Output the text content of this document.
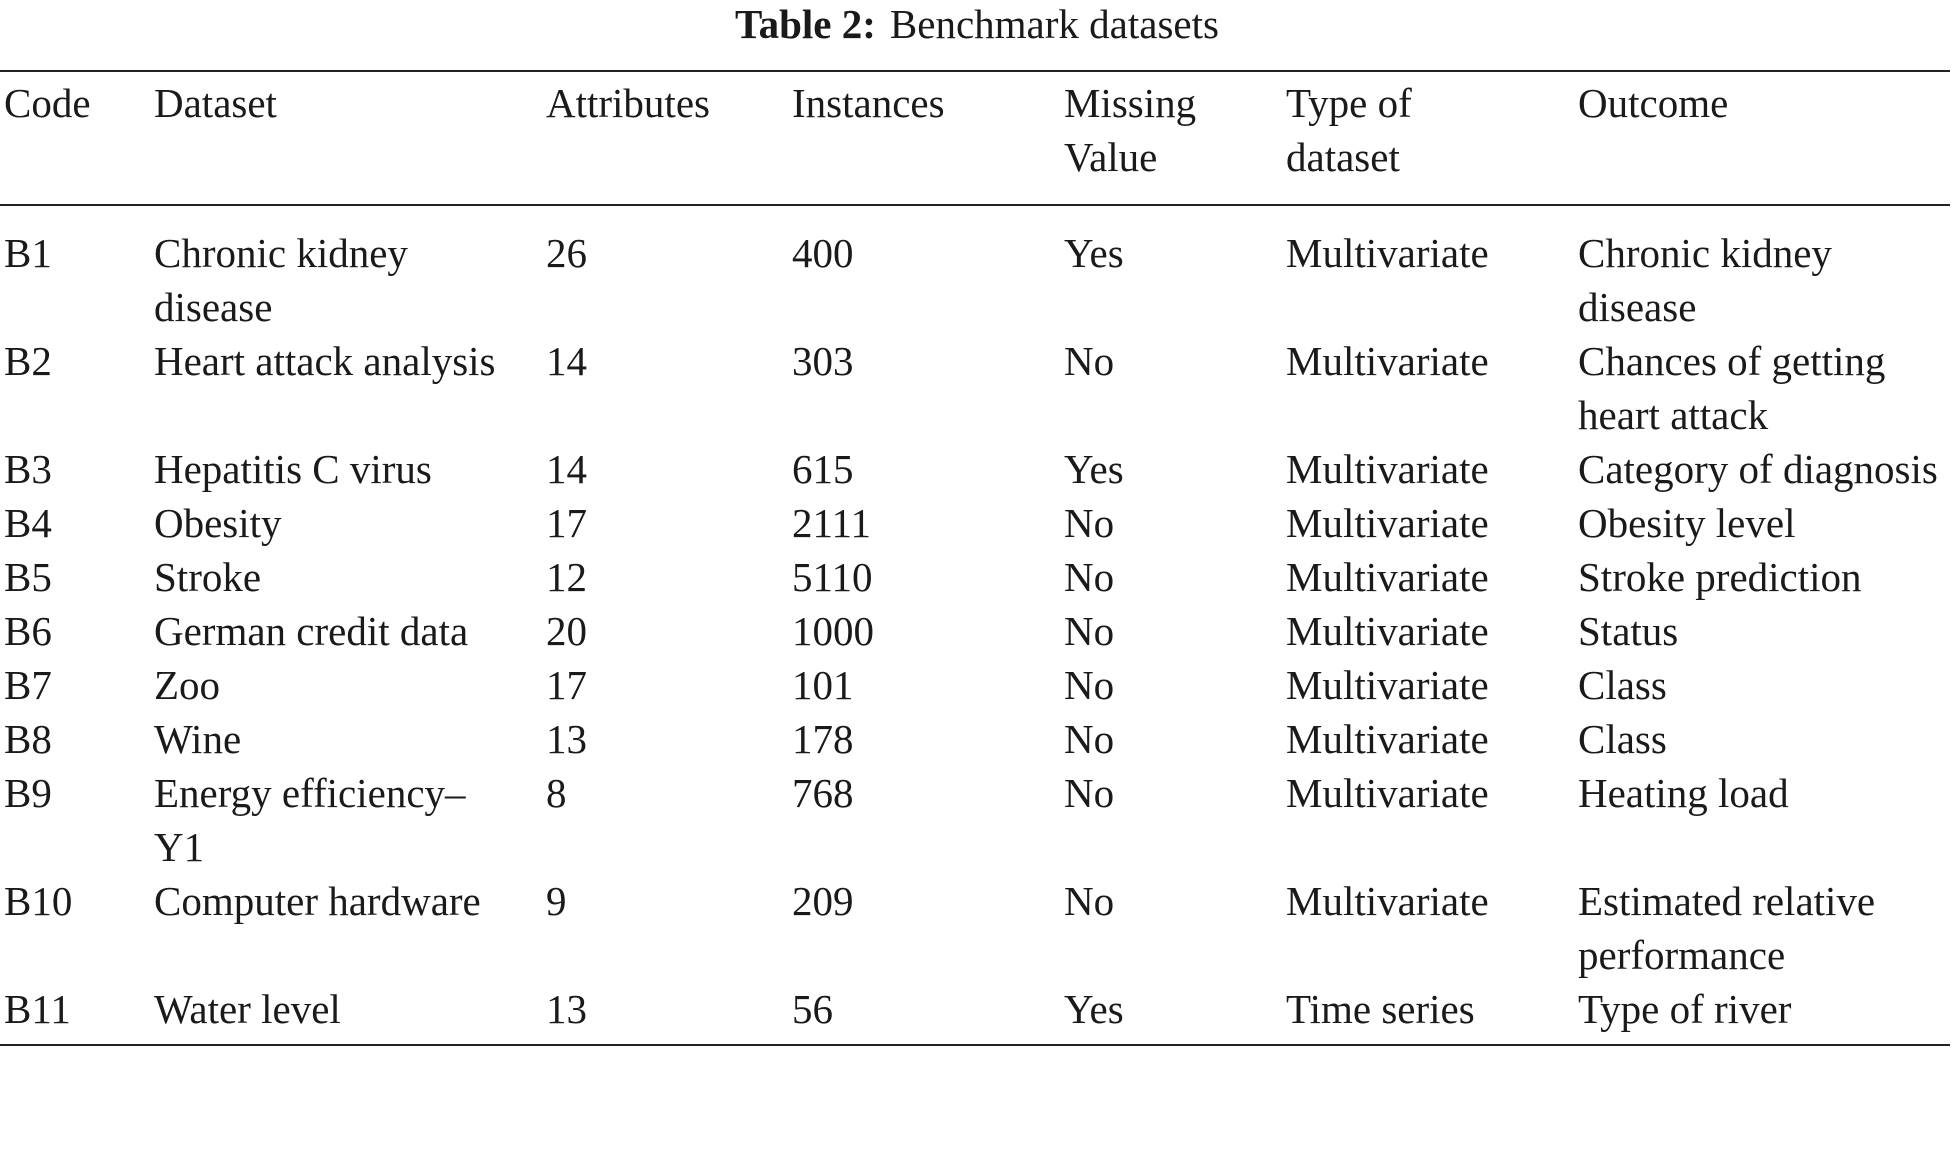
Table 2: Benchmark datasets
Code	Dataset	Attributes	Instances	Missing Value	Type of dataset	Outcome
B1	Chronic kidney disease	26	400	Yes	Multivariate	Chronic kidney disease
B2	Heart attack analysis	14	303	No	Multivariate	Chances of getting heart attack
B3	Hepatitis C virus	14	615	Yes	Multivariate	Category of diagnosis
B4	Obesity	17	2111	No	Multivariate	Obesity level
B5	Stroke	12	5110	No	Multivariate	Stroke prediction
B6	German credit data	20	1000	No	Multivariate	Status
B7	Zoo	17	101	No	Multivariate	Class
B8	Wine	13	178	No	Multivariate	Class
B9	Energy efficiency–Y1	8	768	No	Multivariate	Heating load
B10	Computer hardware	9	209	No	Multivariate	Estimated relative performance
B11	Water level	13	56	Yes	Time series	Type of river
